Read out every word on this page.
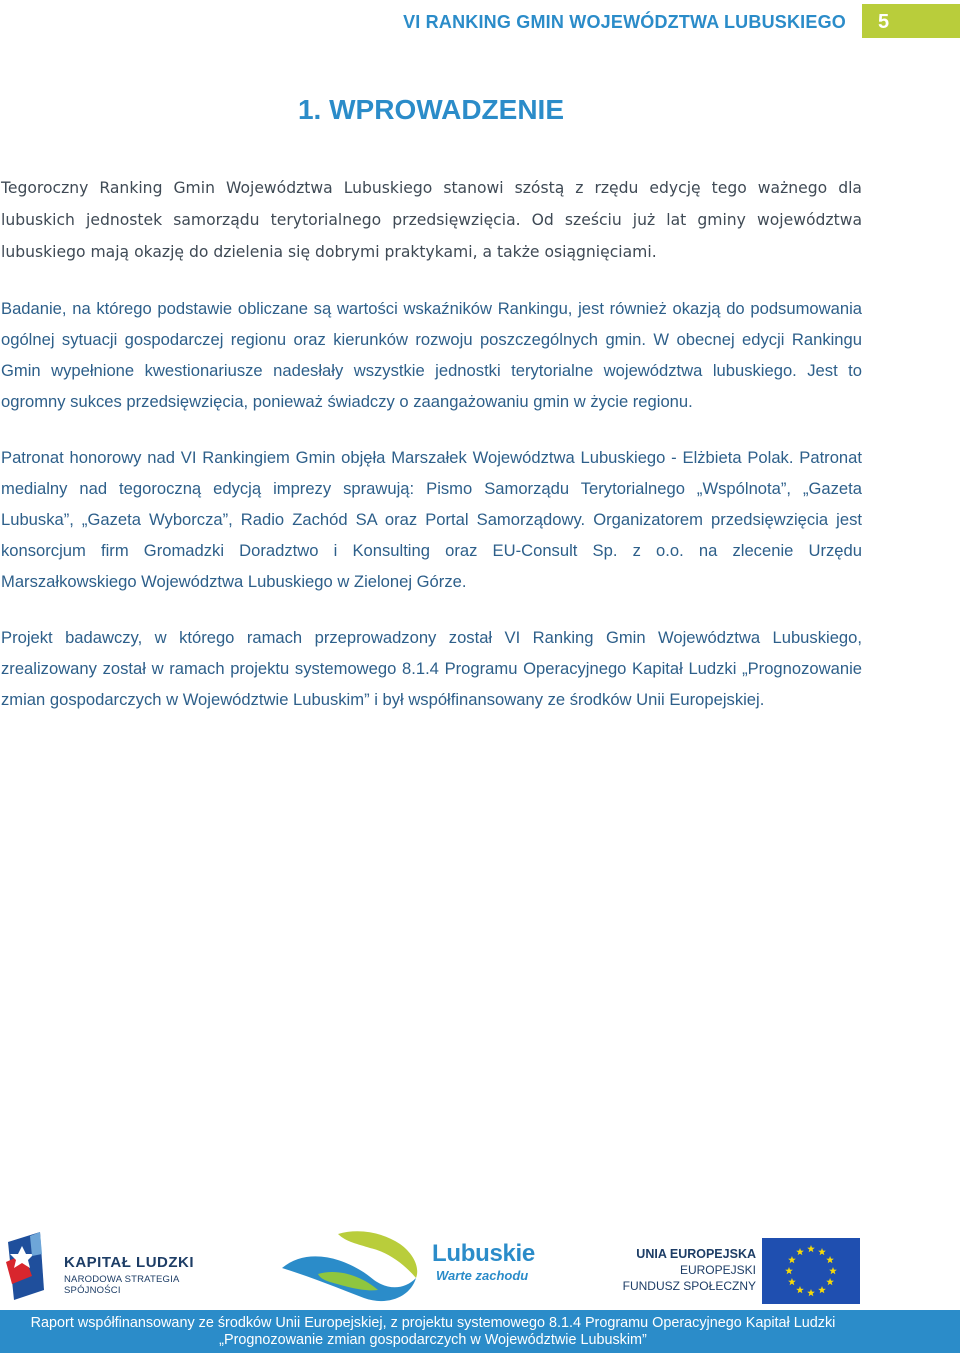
VI RANKING GMIN WOJEWÓDZTWA LUBUSKIEGO 5
1. WPROWADZENIE

Tegoroczny Ranking Gmin Województwa Lubuskiego stanowi szóstą z rzędu edycję tego ważnego dla lubuskich jednostek samorządu terytorialnego przedsięwzięcia. Od sześciu już lat gminy województwa lubuskiego mają okazję do dzielenia się dobrymi praktykami, a także osiągnięciami.

Badanie, na którego podstawie obliczane są wartości wskaźników Rankingu, jest również okazją do podsumowania ogólnej sytuacji gospodarczej regionu oraz kierunków rozwoju poszczególnych gmin. W obecnej edycji Rankingu Gmin wypełnione kwestionariusze nadesłały wszystkie jednostki terytorialne województwa lubuskiego. Jest to ogromny sukces przedsięwzięcia, ponieważ świadczy o zaangażowaniu gmin w życie regionu.

Patronat honorowy nad VI Rankingiem Gmin objęła Marszałek Województwa Lubuskiego - Elżbieta Polak. Patronat medialny nad tegoroczną edycją imprezy sprawują: Pismo Samorządu Terytorialnego „Wspólnota”, „Gazeta Lubuska”, „Gazeta Wyborcza”, Radio Zachód SA oraz Portal Samorządowy. Organizatorem przedsięwzięcia jest konsorcjum firm Gromadzki Doradztwo i Konsulting oraz EU-Consult Sp. z o.o. na zlecenie Urzędu Marszałkowskiego Województwa Lubuskiego w Zielonej Górze.

Projekt badawczy, w którego ramach przeprowadzony został VI Ranking Gmin Województwa Lubuskiego, zrealizowany został w ramach projektu systemowego 8.1.4 Programu Operacyjnego Kapitał Ludzki „Prognozowanie zmian gospodarczych w Województwie Lubuskim” i był współfinansowany ze środków Unii Europejskiej.

KAPITAŁ LUDZKI
NARODOWA STRATEGIA SPÓJNOŚCI
Lubuskie
Warte zachodu
UNIA EUROPEJSKA
EUROPEJSKI
FUNDUSZ SPOŁECZNY
Raport współfinansowany ze środków Unii Europejskiej, z projektu systemowego 8.1.4 Programu Operacyjnego Kapitał Ludzki
„Prognozowanie zmian gospodarczych w Województwie Lubuskim”
